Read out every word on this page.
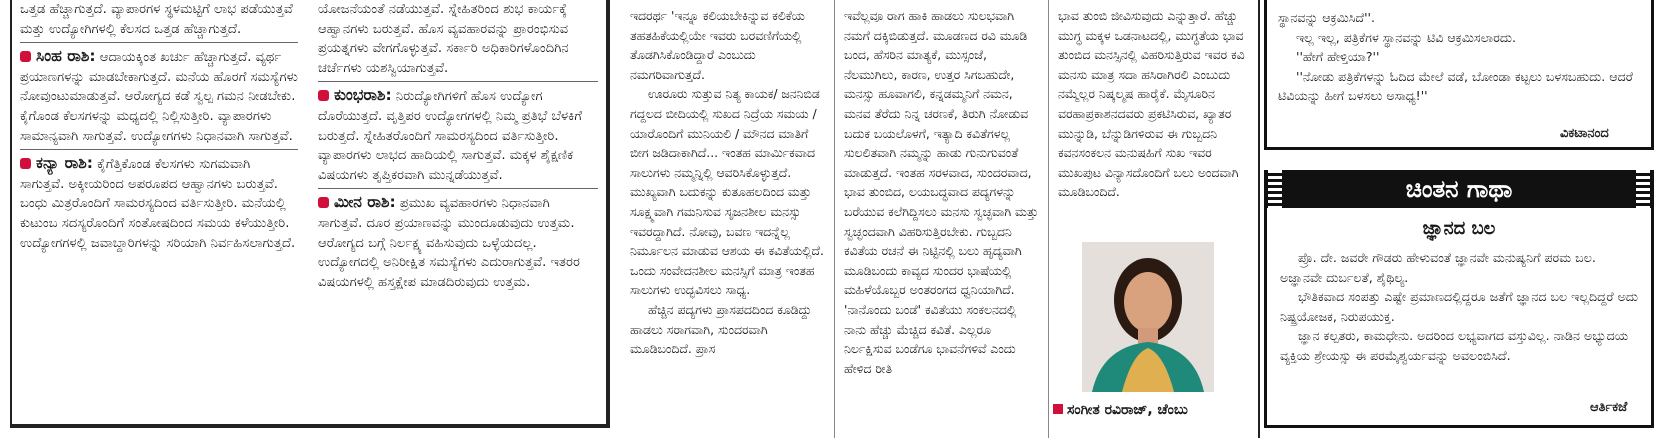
ಒತ್ತಡ ಹೆಚ್ಚಾಗುತ್ತದೆ. ವ್ಯಾಪಾರಗಳ ಸ್ಥಳಮಟ್ಟಿಗೆ ಲಾಭ ಪಡೆಯುತ್ತವೆ ಮತ್ತು ಉದ್ಯೋಗಿಗಳಲ್ಲಿ ಕೆಲಸದ ಒತ್ತಡ ಹೆಚ್ಚಾಗುತ್ತದೆ.

ಸಿಂಹ ರಾಶಿ: ಆದಾಯಕ್ಕಿಂತ ಖರ್ಚು ಹೆಚ್ಚಾಗುತ್ತದೆ. ವ್ಯರ್ಥ ಪ್ರಯಾಣಗಳನ್ನು ಮಾಡಬೇಕಾಗುತ್ತದೆ. ಮನೆಯ ಹೊರಗೆ ಸಮಸ್ಯೆಗಳು ನೋವುಂಟುಮಾಡುತ್ತವೆ. ಆರೋಗ್ಯದ ಕಡೆ ಸ್ವಲ್ಪ ಗಮನ ನೀಡಬೇಕು. ಕೈಗೊಂಡ ಕೆಲಸಗಳನ್ನು ಮಧ್ಯದಲ್ಲಿ ನಿಲ್ಲಿಸುತ್ತೀರಿ. ವ್ಯಾಪಾರಗಳು ಸಾಮಾನ್ಯವಾಗಿ ಸಾಗುತ್ತವೆ. ಉದ್ಯೋಗಗಳು ನಿಧಾನವಾಗಿ ಸಾಗುತ್ತವೆ.

ಕನ್ಯಾ ರಾಶಿ: ಕೈಗೆತ್ತಿಕೊಂಡ ಕೆಲಸಗಳು ಸುಗಮವಾಗಿ ಸಾಗುತ್ತವೆ. ಅಕ್ಕೀಯರಿಂದ ಅಪರೂಪದ ಆಹ್ವಾನಗಳು ಬರುತ್ತವೆ. ಬಂಧು ಮಿತ್ರರೊಂದಿಗೆ ಸಾಮರಸ್ಯದಿಂದ ವರ್ತಿಸುತ್ತೀರಿ. ಮನೆಯಲ್ಲಿ ಕುಟುಂಬ ಸದಸ್ಯರೊಂದಿಗೆ ಸಂತೋಷದಿಂದ ಸಮಯ ಕಳೆಯುತ್ತೀರಿ. ಉದ್ಯೋಗಗಳಲ್ಲಿ ಜವಾಬ್ದಾರಿಗಳನ್ನು ಸರಿಯಾಗಿ ನಿರ್ವಹಿಸಲಾಗುತ್ತದೆ.

ಯೋಜನೆಯಂತೆ ನಡೆಯುತ್ತವೆ. ಸ್ನೇಹಿತರಿಂದ ಶುಭ ಕಾರ್ಯಕ್ಕೆ ಆಹ್ವಾನಗಳು ಬರುತ್ತವೆ. ಹೊಸ ವ್ಯವಹಾರವನ್ನು ಪ್ರಾರಂಭಿಸುವ ಪ್ರಯತ್ನಗಳು ವೇಗಗೊಳ್ಳುತ್ತವೆ. ಸರ್ಕಾರಿ ಅಧಿಕಾರಿಗಳೊಂದಿಗಿನ ಚರ್ಚೆಗಳು ಯಶಸ್ವಿಯಾಗುತ್ತವೆ.

ಕುಂಭರಾಶಿ: ನಿರುದ್ಯೋಗಿಗಳಿಗೆ ಹೊಸ ಉದ್ಯೋಗ ದೊರೆಯುತ್ತದೆ. ವೃತ್ತಿಪರ ಉದ್ಯೋಗಗಳಲ್ಲಿ ನಿಮ್ಮ ಪ್ರತಿಭೆ ಬೆಳಕಿಗೆ ಬರುತ್ತದೆ. ಸ್ನೇಹಿತರೊಂದಿಗೆ ಸಾಮರಸ್ಯದಿಂದ ವರ್ತಿಸುತ್ತೀರಿ. ವ್ಯಾಪಾರಗಳು ಲಾಭದ ಹಾದಿಯಲ್ಲಿ ಸಾಗುತ್ತವೆ. ಮಕ್ಕಳ ಶೈಕ್ಷಣಿಕ ವಿಷಯಗಳು ತೃಪ್ತಿಕರವಾಗಿ ಮುನ್ನಡೆಯುತ್ತವೆ.

ಮೀನ ರಾಶಿ: ಪ್ರಮುಖ ವ್ಯವಹಾರಗಳು ನಿಧಾನವಾಗಿ ಸಾಗುತ್ತವೆ. ದೂರ ಪ್ರಯಾಣವನ್ನು ಮುಂದೂಡುವುದು ಉತ್ತಮ. ಆರೋಗ್ಯದ ಬಗ್ಗೆ ನಿರ್ಲಕ್ಷ್ಯ ವಹಿಸುವುದು ಒಳ್ಳೆಯದಲ್ಲ. ಉದ್ಯೋಗದಲ್ಲಿ ಅನಿರೀಕ್ಷಿತ ಸಮಸ್ಯೆಗಳು ಎದುರಾಗುತ್ತವೆ. ಇತರರ ವಿಷಯಗಳಲ್ಲಿ ಹಸ್ತಕ್ಷೇಪ ಮಾಡದಿರುವುದು ಉತ್ತಮ.

ಇದರರ್ಥ 'ಇನ್ನೂ ಕಲಿಯಬೇಕಿನ್ನುವ ಕಲಿಕೆಯ ತಹತಹಿಕೆಯಲ್ಲಿಯೇ ಇವರು ಬರವಣಿಗೆಯಲ್ಲಿ ತೊಡಗಿಸಿಕೊಂಡಿದ್ದಾರೆ ಎಂಬುದು ನಮಗರಿವಾಗುತ್ತದೆ.

ಊರೂರು ಸುತ್ತುವ ನಿತ್ಯ ಕಾಯಕ/ ಜನನಿಬಿಡ ಗದ್ದಲದ ಬೀದಿಯಲ್ಲಿ ಸುಖದ ನಿದ್ರೆಯ ಸಮಯ / ಯಾರೊಂದಿಗೆ ಮುನಿಯಲಿ / ಮೌನದ ಮಾತಿಗೆ ಬೀಗ ಜಡಿದಾಕಾಗಿದೆ... ಇಂತಹ ಮಾರ್ಮಿಕವಾದ ಸಾಲುಗಳು ನಮ್ಮನ್ನಿಲ್ಲಿ ಆವರಿಸಿಕೊಳ್ಳುತ್ತದೆ. ಮುಖ್ಯವಾಗಿ ಬದುಕನ್ನು ಕುತೂಹಲದಿಂದ ಮತ್ತು ಸೂಕ್ಷ್ಮವಾಗಿ ಗಮನಿಸುವ ಸೃಜನಶೀಲ ಮನಸ್ಸು ಇವರದ್ದಾಗಿದೆ. ನೋವು, ಬವಣ ಇದನ್ನೆಲ್ಲ ನಿರ್ಮೂಲನ ಮಾಡುವ ಆಶಯ ಈ ಕವಿತೆಯಲ್ಲಿದೆ. ಒಂದು ಸಂವೇದನಶೀಲ ಮನಸ್ಸಿಗೆ ಮಾತ್ರ ಇಂತಹ ಸಾಲುಗಳು ಉದ್ಭವಿಸಲು ಸಾಧ್ಯ.

ಹೆಚ್ಚಿನ ಪದ್ಯಗಳು ಪ್ರಾಸಪದದಿಂದ ಕೂಡಿದ್ದು ಹಾಡಲು ಸರಾಗವಾಗಿ, ಸುಂದರವಾಗಿ ಮೂಡಿಬಂದಿದೆ. ಪ್ರಾಸ

ಇವೆಲ್ಲವೂ ರಾಗ ಹಾಕಿ ಹಾಡಲು ಸುಲಭವಾಗಿ ನಮಗೆ ದಕ್ಕಿಬಿಡುತ್ತದೆ. ಮೂಡಣದ ರವಿ ಮೂಡಿ ಬಂದ, ಹೆಸರಿನ ಮಾತ್ಯಕೆ, ಮುಸ್ಸಂಜೆ, ನೆಲಮುಗಿಲು, ಕಾರಣ, ಉತ್ತರ ಸಿಗಬಹುದೇ, ಮನಸ್ಸು ಹೂವಾಗಲಿ, ಕನ್ನಡಮ್ಮನಿಗೆ ನಮನ, ಮನವ ತೆರೆದು ನಿನ್ನ ಚರಣಕೆ, ತಿರುಗಿ ನೋಡುವ ಬದುಕ ಬಯಲೊಳಗೆ, ಇತ್ಯಾದಿ ಕವಿತೆಗಳಲ್ಲ ಸುಲಲಿತವಾಗಿ ನಮ್ಮನ್ನು ಹಾಡು ಗುನುಗುವಂತೆ ಮಾಡುತ್ತದೆ. ಇಂತಹ ಸರಳವಾದ, ಸುಂದರವಾದ, ಭಾವ ತುಂಬಿದ, ಲಯಬದ್ಧವಾದ ಪದ್ಯಗಳನ್ನು ಬರೆಯುವ ಕಲೆಗಿದ್ದಿಸಲು ಮನಸು ಸ್ವಚ್ಛವಾಗಿ ಮತ್ತು ಸ್ವಚ್ಛಂದವಾಗಿ ವಿಹರಿಸುತ್ತಿರಬೇಕು. ಗುಬ್ಬದನಿ ಕವಿತೆಯ ರಚನೆ ಈ ನಿಟ್ಟಿನಲ್ಲಿ ಬಲು ಹೃದ್ಯವಾಗಿ ಮೂಡಿಬಂದು ಕಾವ್ಯದ ಸುಂದರ ಭಾಷೆಯಲ್ಲಿ ಮಹಿಳೆಯೊಬ್ಬರ ಅಂತರಂಗದ ಧ್ವನಿಯಾಗಿದೆ. 'ನಾನೊಂದು ಬಂಡೆ' ಕವಿತೆಯು ಸಂಕಲನದಲ್ಲಿ ನಾನು ಹೆಚ್ಚು ಮೆಚ್ಚಿದ ಕವಿತೆ. ಎಲ್ಲರೂ ನಿರ್ಲಕ್ಷಿಸುವ ಬಂಡೆಗೂ ಭಾವನೆಗಳಿವೆ ಎಂದು ಹೇಳಿದ ರೀತಿ

ಭಾವ ತುಂಬಿ ಜೀವಿಸುವುದು ಎನ್ನುತ್ತಾರೆ. ಹೆಚ್ಚು ಮುಗ್ಧ ಮಕ್ಕಳ ಒಡನಾಟದಲ್ಲಿ, ಮುಗ್ಧತೆಯ ಭಾವ ತುಂಬಿದ ಮನಸ್ಸಿನಲ್ಲಿ ವಿಹರಿಸುತ್ತಿರುವ ಇವರ ಕವಿ ಮನಸು ಮಾತ್ರ ಸದಾ ಹಸಿರಾಗಿರಲಿ ಎಂಬುದು ನಮ್ಮೆಲ್ಲರ ನಿಷ್ಕಲ್ಮಷ ಹಾರೈಕೆ. ಮೈಸೂರಿನ ವರಹಾಪ್ರಕಾಶನದವರು ಪ್ರಕಟಿಸಿರುವ, ಖ್ಯಾತರ ಮುನ್ನುಡಿ, ಬೆನ್ನುಡಿಗಳಿರುವ ಈ ಗುಬ್ಬದನಿ ಕವನಸಂಕಲನ ಮನುಷಹಿಗೆ ಸುಖ ಇವರ ಮುಖಪುಟ ವಿನ್ಯಾಸದೊಂದಿಗೆ ಬಲು ಅಂದವಾಗಿ ಮೂಡಿಬಂದಿದೆ.

ಸಂಗೀತ ರವಿರಾಜ್, ಚೆಂಬು

ಸ್ಥಾನವನ್ನು ಆಕ್ರಮಿಸಿದೆ''.

ಇಲ್ಲ ಇಲ್ಲ, ಪತ್ರಿಕೆಗಳ ಸ್ಥಾನವನ್ನು ಟಿವಿ ಆಕ್ರಮಿಸಲಾರದು.

''ಹೇಗೆ ಹೇಳ್ತಿಯಾ?''

''ನೋಡು ಪತ್ರಿಕೆಗಳನ್ನು ಓದಿದ ಮೇಲೆ ವಡೆ, ಬೋಂಡಾ ಕಟ್ಟಲು ಬಳಸಬಹುದು. ಆದರೆ ಟಿವಿಯನ್ನು ಹೀಗೆ ಬಳಸಲು ಅಸಾಧ್ಯ!''

ವಿಕಟಾನಂದ
ಚಿಂತನ ಗಾಥಾ
ಜ್ಞಾನದ ಬಲ

ಪ್ರೊ. ದೇ. ಜವರೇ ಗೌಡರು ಹೇಳುವಂತೆ ಜ್ಞಾನವೇ ಮನುಷ್ಯನಿಗೆ ಪರಮ ಬಲ. ಅಜ್ಞಾನವೇ ದುರ್ಬಲತೆ, ಶೈಥಿಲ್ಯ.

ಭೌತಿಕವಾದ ಸಂಪತ್ತು ಎಷ್ಟೇ ಪ್ರಮಾಣದಲ್ಲಿದ್ದರೂ ಜತೆಗೆ ಜ್ಞಾನದ ಬಲ ಇಲ್ಲದಿದ್ದರೆ ಅದು ನಿಷ್ಪ್ರಯೋಜಕ, ನಿರುಪಯುಕ್ತ.

ಜ್ಞಾನ ಕಲ್ಪತರು, ಕಾಮಧೇನು. ಅದರಿಂದ ಲಭ್ಯವಾಗದ ವಸ್ತುವಿಲ್ಲ. ನಾಡಿನ ಅಭ್ಯುದಯ ವ್ಯಕ್ತಿಯ ಶ್ರೇಯಸ್ಸು ಈ ಪರಮೈಶ್ವರ್ಯವನ್ನು ಅವಲಂಬಿಸಿದೆ.

ಆರ್ತಿಕಜೆ
